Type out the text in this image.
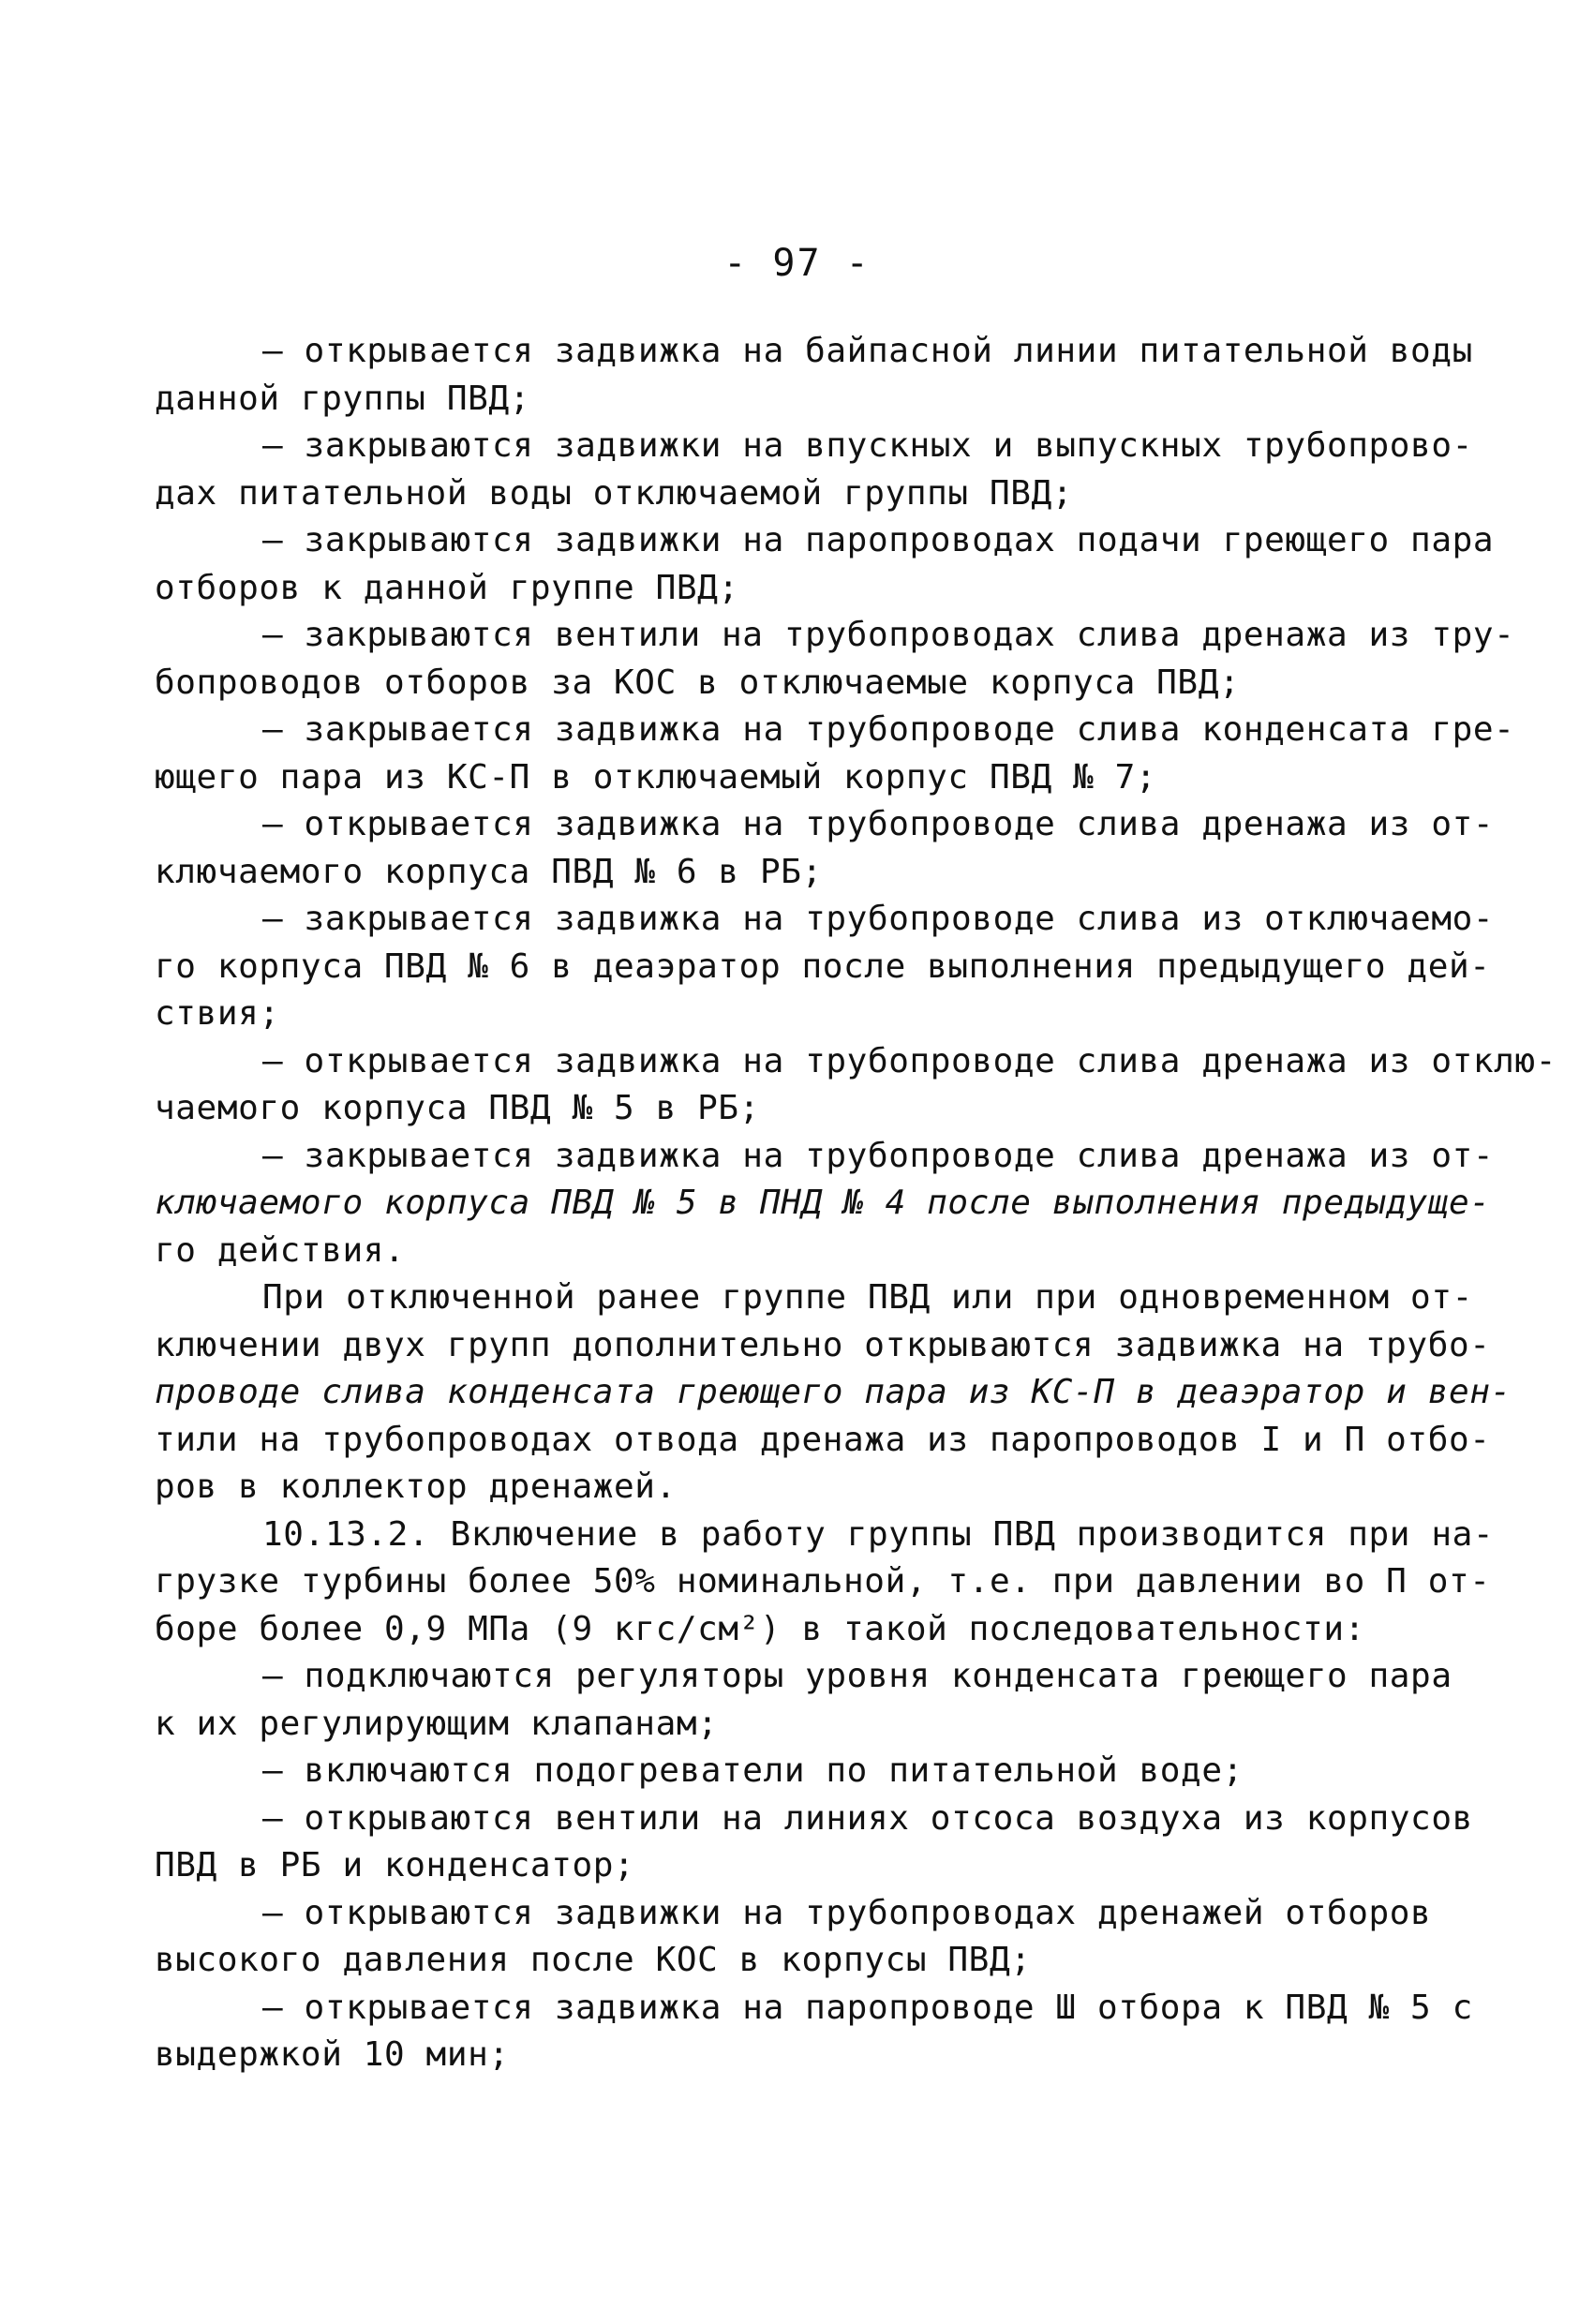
- 97 -
– открывается задвижка на байпасной линии питательной воды
данной группы ПВД;
– закрываются задвижки на впускных и выпускных трубопрово-
дах питательной воды отключаемой группы ПВД;
– закрываются задвижки на паропроводах подачи греющего пара
отборов к данной группе ПВД;
– закрываются вентили на трубопроводах слива дренажа из тру-
бопроводов отборов за КОС в отключаемые корпуса ПВД;
– закрывается задвижка на трубопроводе слива конденсата гре-
ющего пара из КС-П в отключаемый корпус ПВД № 7;
– открывается задвижка на трубопроводе слива дренажа из от-
ключаемого корпуса ПВД № 6 в РБ;
– закрывается задвижка на трубопроводе слива из отключаемо-
го корпуса ПВД № 6 в деаэратор после выполнения предыдущего дей-
ствия;
– открывается задвижка на трубопроводе слива дренажа из отклю-
чаемого корпуса ПВД № 5 в РБ;
– закрывается задвижка на трубопроводе слива дренажа из от-
ключаемого корпуса ПВД № 5 в ПНД № 4 после выполнения предыдуще-
го действия.
При отключенной ранее группе ПВД или при одновременном от-
ключении двух групп дополнительно открываются задвижка на трубо-
проводе слива конденсата греющего пара из КС-П в деаэратор и вен-
тили на трубопроводах отвода дренажа из паропроводов I и П отбо-
ров в коллектор дренажей.
10.13.2. Включение в работу группы ПВД производится при на-
грузке турбины более 50% номинальной, т.е. при давлении во П от-
боре более 0,9 МПа (9 кгс/см²) в такой последовательности:
– подключаются регуляторы уровня конденсата греющего пара
к их регулирующим клапанам;
– включаются подогреватели по питательной воде;
– открываются вентили на линиях отсоса воздуха из корпусов
ПВД в РБ и конденсатор;
– открываются задвижки на трубопроводах дренажей отборов
высокого давления после КОС в корпусы ПВД;
– открывается задвижка на паропроводе Ш отбора к ПВД № 5 с
выдержкой 10 мин;
